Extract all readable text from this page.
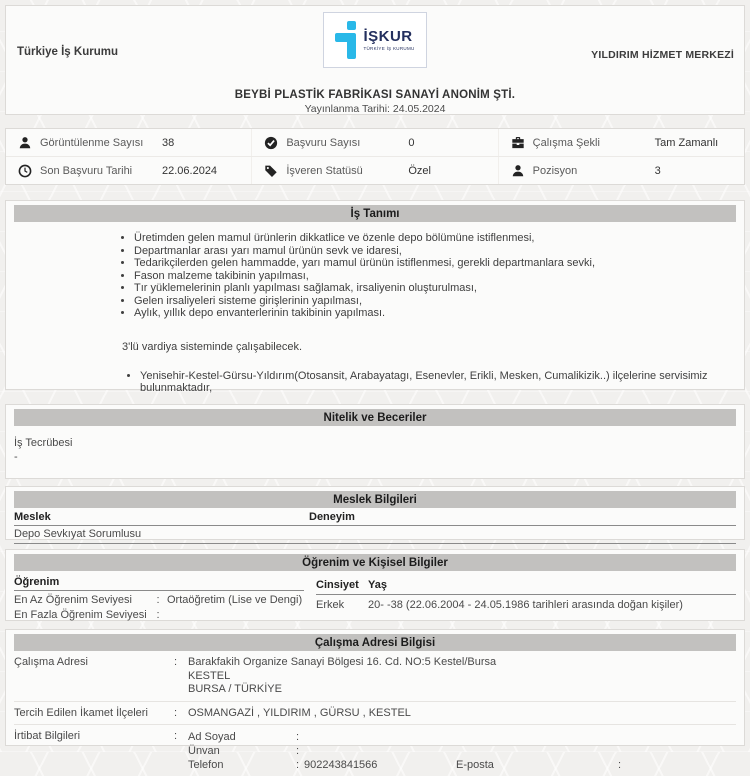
Türkiye İş Kurumu	YILDIRIM HİZMET MERKEZİ
İŞKUR
TÜRKİYE İŞ KURUMU
BEYBİ PLASTİK FABRİKASI SANAYİ ANONİM ŞTİ.
Yayınlanma Tarihi: 24.05.2024
Görüntülenme Sayısı	38	Başvuru Sayısı	0	Çalışma Şekli	Tam Zamanlı
Son Başvuru Tarihi	22.06.2024	İşveren Statüsü	Özel	Pozisyon	3
İş Tanımı
• Üretimden gelen mamul ürünlerin dikkatlice ve özenle depo bölümüne istiflenmesi,
• Departmanlar arası yarı mamul ürünün sevk ve idaresi,
• Tedarikçilerden gelen hammadde, yarı mamul ürünün istiflenmesi, gerekli departmanlara sevki,
• Fason malzeme takibinin yapılması,
• Tır yüklemelerinin planlı yapılması sağlamak, irsaliyenin oluşturulması,
• Gelen irsaliyeleri sisteme girişlerinin yapılması,
• Aylık, yıllık depo envanterlerinin takibinin yapılması.
3'lü vardiya sisteminde çalışabilecek.
• Yenisehir-Kestel-Gürsu-Yıldırım(Otosansit, Arabayatagı, Esenevler, Erikli, Mesken, Cumalikizik..) ilçelerine servisimiz bulunmaktadır,
Nitelik ve Beceriler
İş Tecrübesi
-
Meslek Bilgileri
Meslek	Deneyim
Depo Sevkıyat Sorumlusu
Öğrenim ve Kişisel Bilgiler
Öğrenim
En Az Öğrenim Seviyesi	: Ortaöğretim (Lise ve Dengi)
En Fazla Öğrenim Seviyesi :
Cinsiyet Yaş
Erkek	20- -38 (22.06.2004 - 24.05.1986 tarihleri arasında doğan kişiler)
Çalışma Adresi Bilgisi
Çalışma Adresi	: Barakfakih Organize Sanayi Bölgesi 16. Cd. NO:5 Kestel/Bursa
KESTEL
BURSA / TÜRKİYE
Tercih Edilen İkamet İlçeleri	: OSMANGAZİ , YILDIRIM , GÜRSU , KESTEL
İrtibat Bilgileri	: Ad Soyad	:
Ünvan	:
Telefon	: 902243841566	E-posta	:
